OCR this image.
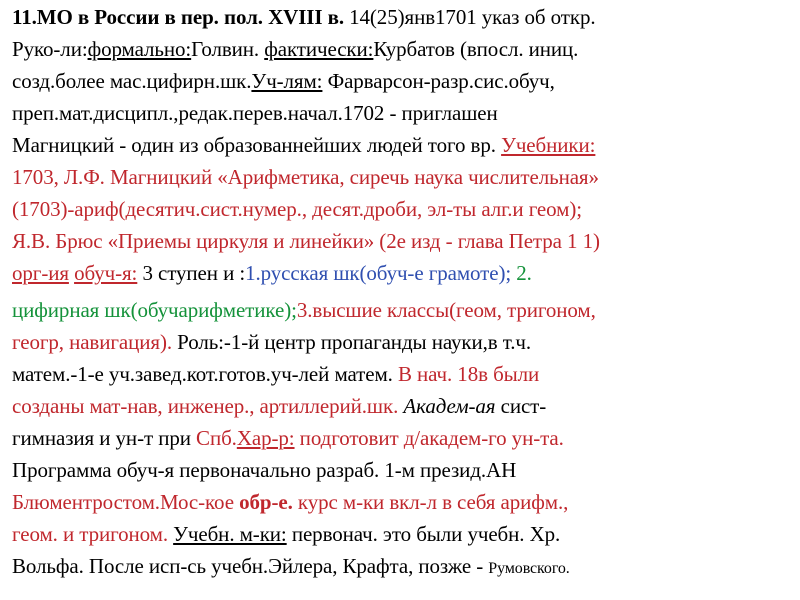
11.МО в России в пер. пол. XVIII в. 14(25)янв1701 указ об откр.
Руко-ли:формально:Голвин. фактически:Курбатов (впосл. иниц.
созд.более мас.цифирн.шк.Уч-лям: Фарварсон-разр.сис.обуч,
преп.мат.дисципл.,редак.перев.начал.1702 - приглашен
Магницкий - один из образованнейших людей того вр. Учебники:
1703, Л.Ф. Магницкий «Арифметика, сиречь наука числительная»
(1703)-ариф(десятич.сист.нумер., десят.дроби, эл-ты алг.и геом);
Я.В. Брюс «Приемы циркуля и линейки» (2е изд - глава Петра 1 1)
орг-ия обуч-я: 3 ступен и :1.русская шк(обуч-е грамоте); 2.
цифирная шк(обучарифметике);3.высшие классы(геом, тригоном,
геогр, навигация). Роль:-1-й центр пропаганды науки,в т.ч.
матем.-1-е уч.завед.кот.готов.уч-лей матем. В нач. 18в были
созданы мат-нав, инженер., артиллерий.шк. Академ-ая сист-
гимназия и ун-т при Спб.Хар-р: подготовит д/академ-го ун-та.
Программа обуч-я первоначально разраб. 1-м презид.АН
Блюментростом.Мос-кое обр-е. курс м-ки вкл-л в себя арифм.,
геом. и тригоном. Учебн. м-ки: первонач. это были учебн. Хр.
Вольфа. После исп-сь учебн.Эйлера, Крафта, позже - Румовского.
